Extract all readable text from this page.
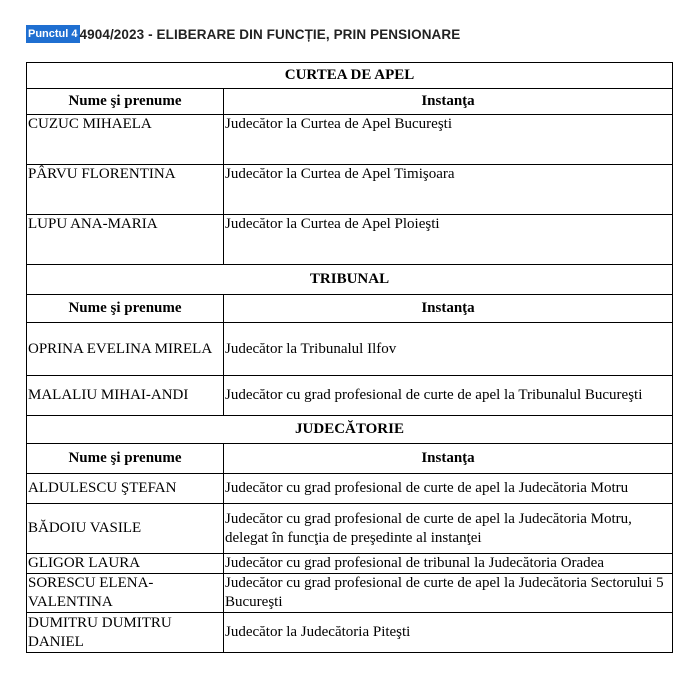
Punctul 4 4904/2023 - ELIBERARE DIN FUNCȚIE, PRIN PENSIONARE
CURTEA DE APEL	
Nume şi prenume	Instanţa
CUZUC MIHAELA	Judecător la Curtea de Apel Bucureşti
PÂRVU FLORENTINA	Judecător la Curtea de Apel Timişoara
LUPU ANA-MARIA	Judecător la Curtea de Apel Ploieşti
TRIBUNAL	
Nume şi prenume	Instanţa
OPRINA EVELINA MIRELA	Judecător la Tribunalul Ilfov
MALALIU MIHAI-ANDI	Judecător cu grad profesional de curte de apel la Tribunalul Bucureşti
JUDECĂTORIE	
Nume şi prenume	Instanţa
ALDULESCU ŞTEFAN	Judecător cu grad profesional de curte de apel la Judecătoria Motru
BĂDOIU VASILE	Judecător cu grad profesional de curte de apel la Judecătoria Motru, delegat în funcţia de preşedinte al instanţei
GLIGOR LAURA	Judecător cu grad profesional de tribunal la Judecătoria Oradea
SORESCU ELENA-VALENTINA	Judecător cu grad profesional de curte de apel la Judecătoria Sectorului 5 Bucureşti
DUMITRU DUMITRU DANIEL	Judecător la Judecătoria Piteşti
